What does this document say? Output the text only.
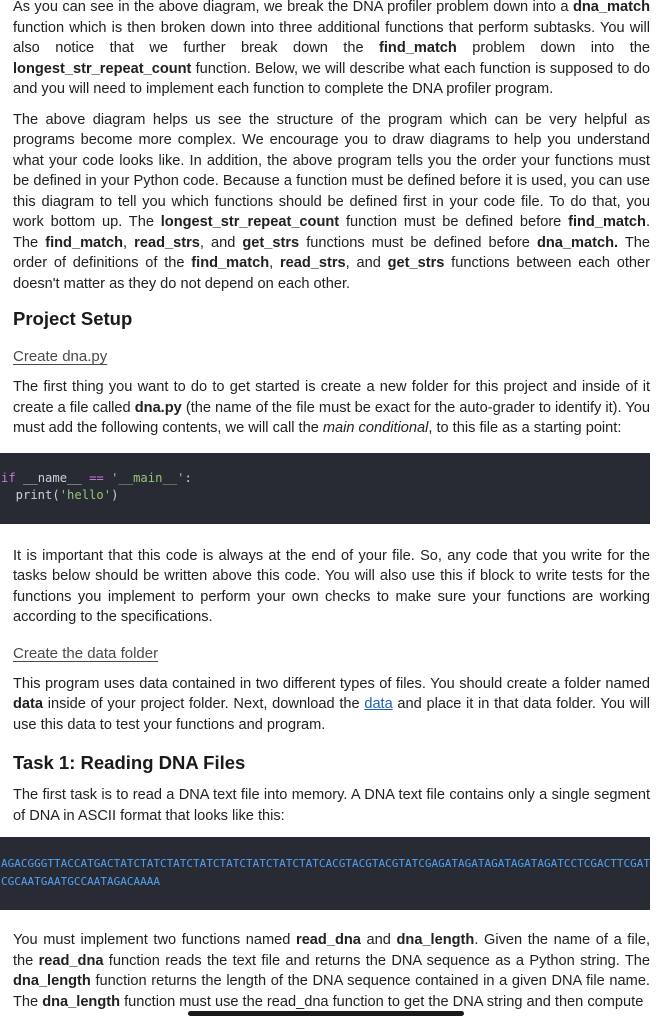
As you can see in the above diagram, we break the DNA profiler problem down into a dna_match function which is then broken down into three additional functions that perform subtasks. You will also notice that we further break down the find_match problem down into the longest_str_repeat_count function. Below, we will describe what each function is supposed to do and you will need to implement each function to complete the DNA profiler program.

The above diagram helps us see the structure of the program which can be very helpful as programs become more complex. We encourage you to draw diagrams to help you understand what your code looks like. In addition, the above program tells you the order your functions must be defined in your Python code. Because a function must be defined before it is used, you can use this diagram to tell you which functions should be defined first in your code file. To do that, you work bottom up. The longest_str_repeat_count function must be defined before find_match. The find_match, read_strs, and get_strs functions must be defined before dna_match. The order of definitions of the find_match, read_strs, and get_strs functions between each other doesn't matter as they do not depend on each other.

Project Setup
Create dna.py

The first thing you want to do to get started is create a new folder for this project and inside of it create a file called dna.py (the name of the file must be exact for the auto-grader to identify it). You must add the following contents, we will call the main conditional, to this file as a starting point:

if __name__ == '__main__':
print('hello')

It is important that this code is always at the end of your file. So, any code that you write for the tasks below should be written above this code. You will also use this if block to write tests for the functions you implement to perform your own checks to make sure your functions are working according to the specifications.

Create the data folder

This program uses data contained in two different types of files. You should create a folder named data inside of your project folder. Next, download the data and place it in that data folder. You will use this data to test your functions and program.

Task 1: Reading DNA Files

The first task is to read a DNA text file into memory. A DNA text file contains only a single segment of DNA in ASCII format that looks like this:

AGACGGGTTACCATGACTATCTATCTATCTATCTATCTATCTATCTATCACGTACGTACGTATCGAGATAGATAGATAGATAGATCCTCGACTTCGATCGCAATGAATGCCAATAGACAAAA

You must implement two functions named read_dna and dna_length. Given the name of a file, the read_dna function reads the text file and returns the DNA sequence as a Python string. The dna_length function returns the length of the DNA sequence contained in a given DNA file name. The dna_length function must use the read_dna function to get the DNA string and then compute
